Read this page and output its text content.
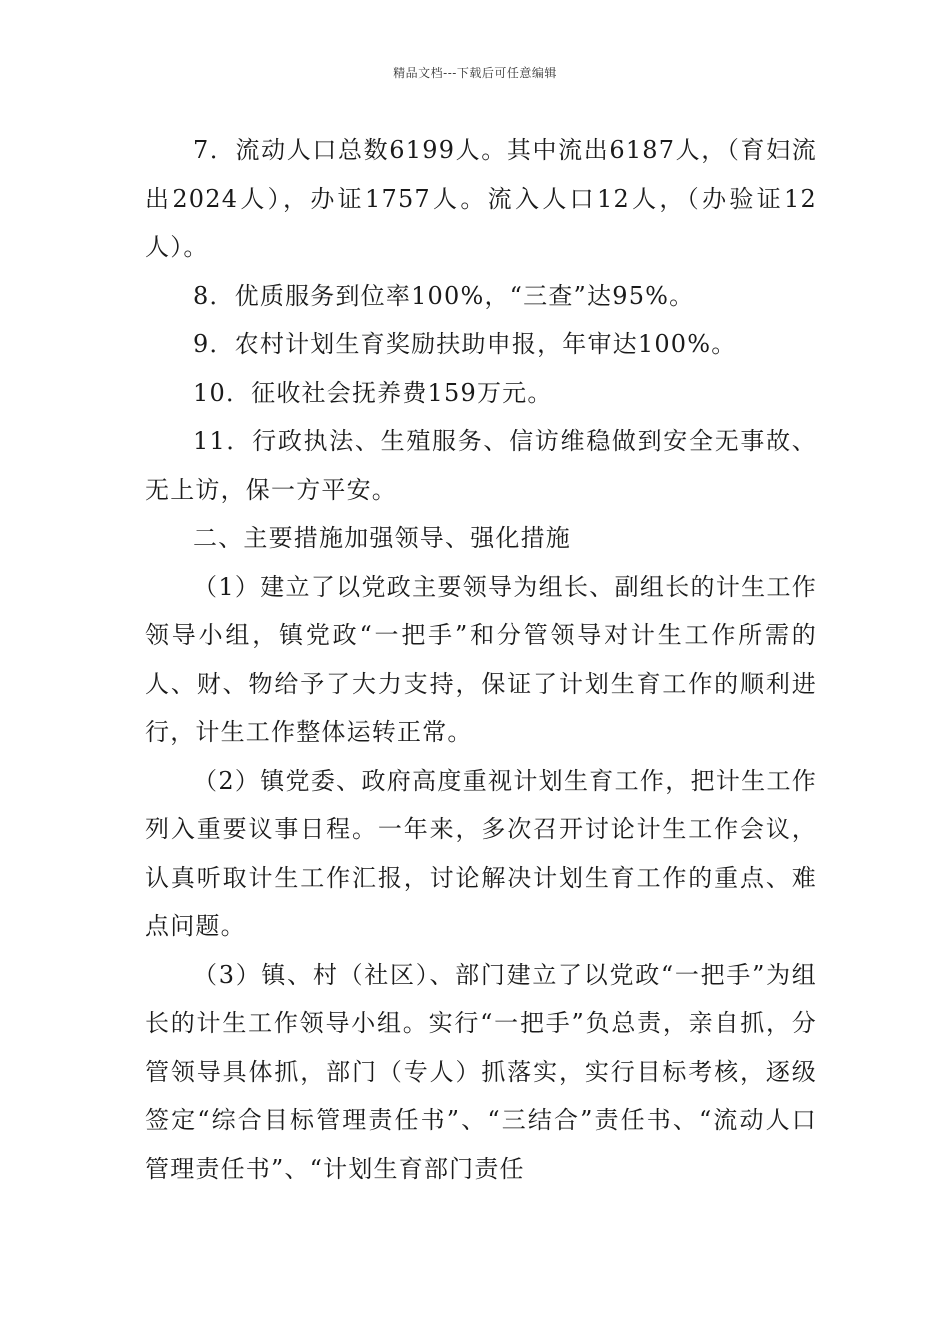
精品文档---下载后可任意编辑

7．流动人口总数6199人。其中流出6187人，（育妇流出2024人），办证1757人。流入人口12人，（办验证12人）。

8．优质服务到位率100%，“三查”达95%。

9．农村计划生育奖励扶助申报，年审达100%。

10．征收社会抚养费159万元。

11．行政执法、生殖服务、信访维稳做到安全无事故、无上访，保一方平安。

二、主要措施加强领导、强化措施

（1）建立了以党政主要领导为组长、副组长的计生工作领导小组，镇党政“一把手”和分管领导对计生工作所需的人、财、物给予了大力支持，保证了计划生育工作的顺利进行，计生工作整体运转正常。

（2）镇党委、政府高度重视计划生育工作，把计生工作列入重要议事日程。一年来，多次召开讨论计生工作会议，认真听取计生工作汇报，讨论解决计划生育工作的重点、难点问题。

（3）镇、村（社区）、部门建立了以党政“一把手”为组长的计生工作领导小组。实行“一把手”负总责，亲自抓，分管领导具体抓，部门（专人）抓落实，实行目标考核，逐级签定“综合目标管理责任书”、“三结合”责任书、“流动人口管理责任书”、“计划生育部门责任
